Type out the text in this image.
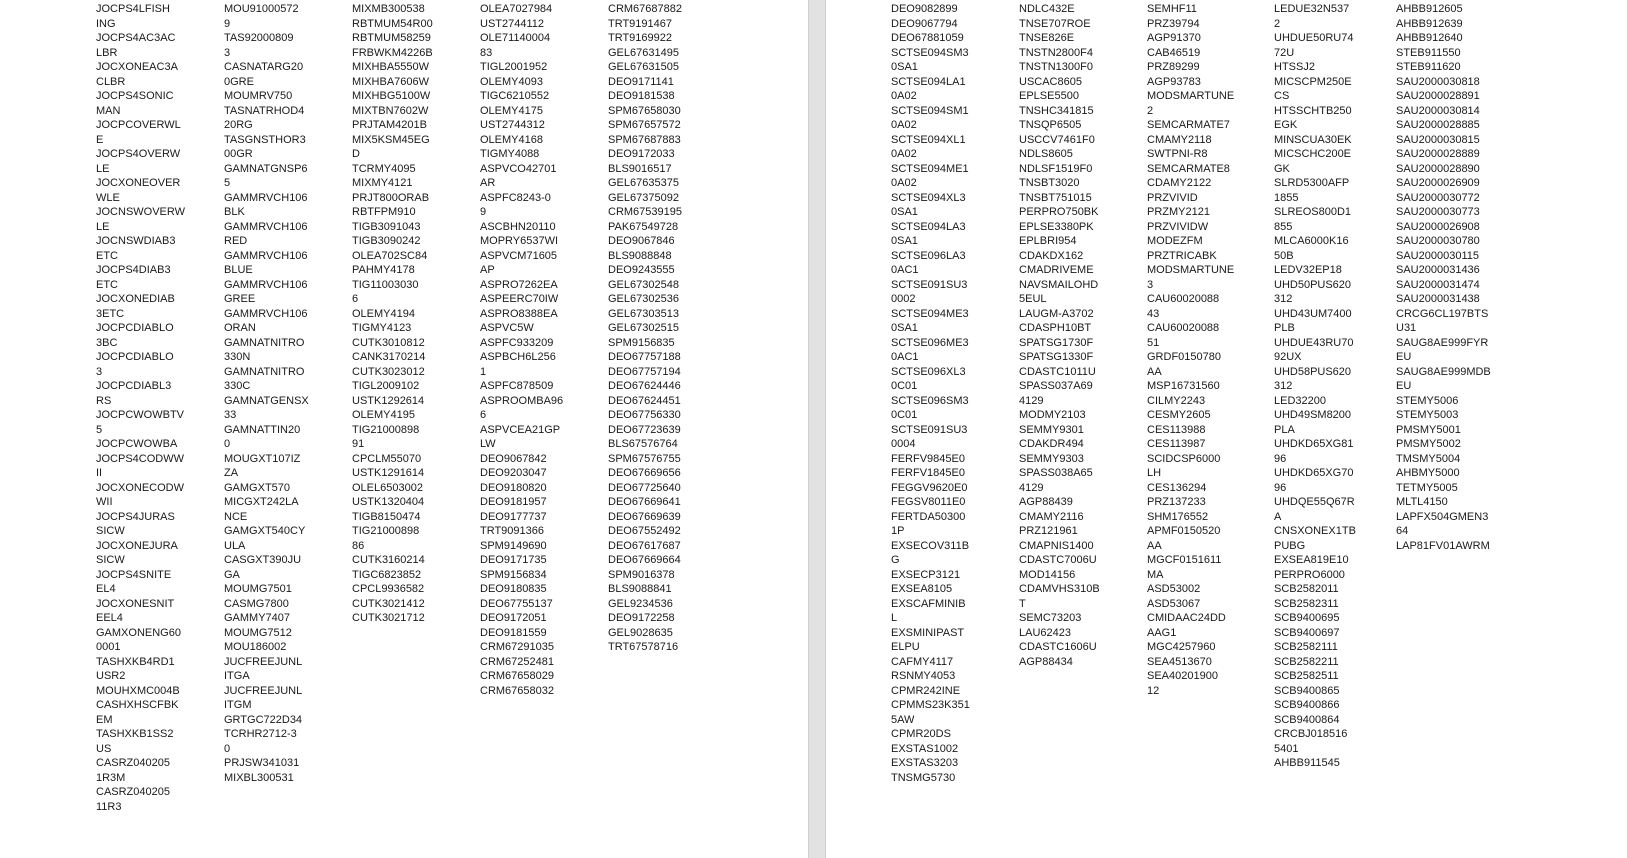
JOCPS4LFISH
ING
JOCPS4AC3AC
LBR
JOCXONEAC3A
CLBR
JOCPS4SONIC
MAN
JOCPCOVERWL
E
JOCPS4OVERW
LE
JOCXONEOVER
WLE
JOCNSWOVERW
LE
JOCNSWDIAB3
ETC
JOCPS4DIAB3
ETC
JOCXONEDIAB
3ETC
JOCPCDIABLO
3BC
JOCPCDIABLO
3
JOCPCDIABL3
RS
JOCPCWOWBTV
5
JOCPCWOWBA
JOCPS4CODWW
II
JOCXONECODW
WII
JOCPS4JURAS
SICW
JOCXONEJURA
SICW
JOCPS4SNITE
EL4
JOCXONESNIT
EEL4
GAMXONENG60
0001
TASHXKB4RD1
USR2
MOUHXMC004B
CASHXHSCFBK
EM
TASHXKB1SS2
US
CASRZ040205
1R3M
CASRZ040205
11R3
MOU91000572
9
TAS92000809
3
CASNATARG20
0GRE
MOUMRV750
TASNATRHOD4
20RG
TASGNSTHOR3
00GR
GAMNATGNSP6
5
GAMMRVCH106
BLK
GAMMRVCH106
RED
GAMMRVCH106
BLUE
GAMMRVCH106
GREE
GAMMRVCH106
ORAN
GAMNATNITRO
330N
GAMNATNITRO
330C
GAMNATGENSX
33
GAMNATTIN20
0
MOUGXT107IZ
ZA
GAMGXT570
MICGXT242LA
NCE
GAMGXT540CY
ULA
CASGXT390JU
GA
MOUMG7501
CASMG7800
GAMMY7407
MOUMG7512
MOU186002
JUCFREEJUNL
ITGA
JUCFREEJUNL
ITGM
GRTGC722D34
TCRHR2712-3
0
PRJSW341031
MIXBL300531
MIXMB300538
RBTMUM54R00
RBTMUM58259
FRBWKM4226B
MIXHBA5550W
MIXHBA7606W
MIXHBG5100W
MIXTBN7602W
PRJTAM4201B
MIX5KSM45EG
D
TCRMY4095
MIXMY4121
PRJT800ORAB
RBTFPM910
TIGB3091043
TIGB3090242
OLEA702SC84
PAHMY4178
TIG11003030
6
OLEMY4194
TIGMY4123
CUTK3010812
CANK3170214
CUTK3023012
TIGL2009102
USTK1292614
OLEMY4195
TIG21000898
91
CPCLM55070
USTK1291614
OLEL6503002
USTK1320404
TIGB8150474
TIG21000898
86
CUTK3160214
TIGC6823852
CPCL9936582
CUTK3021412
CUTK3021712
OLEA7027984
UST2744112
OLE71140004
83
TIGL2001952
OLEMY4093
TIGC6210552
OLEMY4175
UST2744312
OLEMY4168
TIGMY4088
ASPVCO42701
AR
ASPFC8243-0
9
ASCBHN20110
MOPRY6537WI
ASPVCM71605
AP
ASPRO7262EA
ASPEERC70IW
ASPRO8388EA
ASPVC5W
ASPFC933209
ASPBCH6L256
1
ASPFC878509
ASPROOMBA96
6
ASPVCEA21GP
LW
DEO9067842
DEO9203047
DEO9180820
DEO9181957
DEO9177737
TRT9091366
SPM9149690
DEO9171735
SPM9156834
DEO9180835
DEO67755137
DEO9172051
DEO9181559
CRM67291035
CRM67252481
CRM67658029
CRM67658032
CRM67687882
TRT9191467
TRT9169922
GEL67631495
GEL67631505
DEO9171141
DEO9181538
SPM67658030
SPM67657572
SPM67687883
DEO9172033
BLS9016517
GEL67635375
GEL67375092
CRM67539195
PAK67549728
DEO9067846
BLS9088848
DEO9243555
GEL67302548
GEL67302536
GEL67303513
GEL67302515
SPM9156835
DEO67757188
DEO67757194
DEO67624446
DEO67624451
DEO67756330
DEO67723639
BLS67576764
SPM67576755
DEO67669656
DEO67725640
DEO67669641
DEO67669639
DEO67552492
DEO67617687
DEO67669664
SPM9016378
BLS9088841
GEL9234536
DEO9172258
GEL9028635
TRT67578716
DEO9082899
DEO9067794
DEO67881059
SCTSE094SM3
0SA1
SCTSE094LA1
0A02
SCTSE094SM1
0A02
SCTSE094XL1
0A02
SCTSE094ME1
0A02
SCTSE094XL3
0SA1
SCTSE094LA3
0SA1
SCTSE096LA3
0AC1
SCTSE091SU3
0002
SCTSE094ME3
0SA1
SCTSE096ME3
0AC1
SCTSE096XL3
0C01
SCTSE096SM3
0C01
SCTSE091SU3
0004
FERFV9845E0
FERFV1845E0
FEGGV9620E0
FEGSV8011E0
FERTDA50300
1P
EXSECOV311B
G
EXSECP3121
EXSEA8105
EXSCAFMINIB
L
EXSMINIPAST
ELPU
CAFMY4117
RSNMY4053
CPMR242INE
CPMMS23K351
5AW
CPMR20DS
EXSTAS1002
EXSTAS3203
TNSMG5730
NDLC432E
TNSE707ROE
TNSE826E
TNSTN2800F4
TNSTN1300F0
USCAC8605
EPLSE5500
TNSHC341815
TNSQP6505
USCCV7461F0
NDLS8605
NDLSF1519F0
TNSBT3020
TNSBT751015
PERPRO750BK
EPLSE3380PK
EPLBRI954
CDAKDX162
CMADRIVEME
NAVSMAILOHD
5EUL
LAUGM-A3702
CDASPH10BT
SPATSG1730F
SPATSG1330F
CDASTC1011U
SPASS037A69
4129
MODMY2103
SEMMY9301
CDAKDR494
SEMMY9303
SPASS038A65
4129
AGP88439
CMAMY2116
PRZ121961
CMAPNIS1400
CDASTC7006U
MOD14156
CDAMVHS310B
T
SEMC73203
LAU62423
CDASTC1606U
AGP88434
SEMHF11
PRZ39794
AGP91370
CAB46519
PRZ89299
AGP93783
MODSMARTUNE
2
SEMCARMATE7
CMAMY2118
SWTPNI-R8
SEMCARMATE8
CDAMY2122
PRZVIVID
PRZMY2121
PRZVIVIDW
MODEZFM
PRZTRICABK
MODSMARTUNE
3
CAU60020088
43
CAU60020088
51
GRDF0150780
AA
MSP16731560
CILMY2243
CESMY2605
CES113988
CES113987
SCIDCSP6000
LH
CES136294
PRZ137233
SHM176552
APMF0150520
AA
MGCF0151611
MA
ASD53002
ASD53067
CMIDAAC24DD
AAG1
MGC4257960
SEA4513670
SEA40201900
12
LEDUE32N537
2
UHDUE50RU74
72U
HTSSJ2
MICSCPM250E
CS
HTSSCHTB250
EGK
MINSCUA30EK
MICSCHC200E
GK
SLRD5300AFP
1855
SLREOS800D1
855
MLCA6000K16
50B
LEDV32EP18
UHD50PUS620
312
UHD43UM7400
PLB
UHDUE43RU70
92UX
UHD58PUS620
312
LED32200
UHD49SM8200
PLA
UHDKD65XG81
96
UHDKD65XG70
96
UHDQE55Q67R
A
CNSXONEX1TB
PUBG
EXSEA819E10
PERPRO6000
SCB2582011
SCB2582311
SCB9400695
SCB9400697
SCB2582111
SCB2582211
SCB2582511
SCB9400865
SCB9400866
SCB9400864
CRCBJ018516
5401
AHBB911545
AHBB912605
AHBB912639
AHBB912640
STEB911550
STEB911620
SAU2000030818
SAU2000028891
SAU2000030814
SAU2000028885
SAU2000030815
SAU2000028889
SAU2000028890
SAU2000026909
SAU2000030772
SAU2000030773
SAU2000026908
SAU2000030780
SAU2000030115
SAU2000031436
SAU2000031474
SAU2000031438
CRCG6CL197BTS
U31
SAUG8AE999FYR
EU
SAUG8AE999MDB
EU
STEMY5006
STEMY5003
PMSMY5001
PMSMY5002
TMSMY5004
AHBMY5000
TETMY5005
MLTL4150
LAPFX504GMEN3
64
LAP81FV01AWRM
